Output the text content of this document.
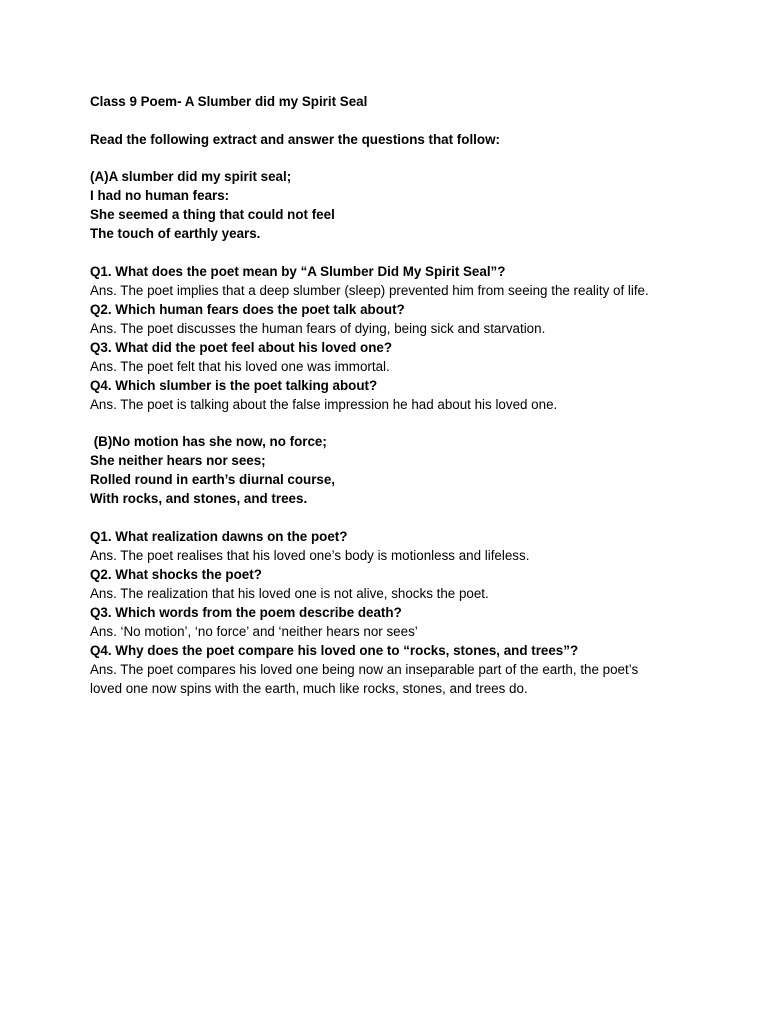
Class 9 Poem- A Slumber did my Spirit Seal
Read the following extract and answer the questions that follow:
(A)A slumber did my spirit seal;
I had no human fears:
She seemed a thing that could not feel
The touch of earthly years.
Q1. What does the poet mean by “A Slumber Did My Spirit Seal”?
Ans. The poet implies that a deep slumber (sleep) prevented him from seeing the reality of life.
Q2. Which human fears does the poet talk about?
Ans. The poet discusses the human fears of dying, being sick and starvation.
Q3. What did the poet feel about his loved one?
Ans. The poet felt that his loved one was immortal.
Q4. Which slumber is the poet talking about?
Ans. The poet is talking about the false impression he had about his loved one.
(B)No motion has she now, no force;
She neither hears nor sees;
Rolled round in earth’s diurnal course,
With rocks, and stones, and trees.
Q1. What realization dawns on the poet?
Ans. The poet realises that his loved one’s body is motionless and lifeless.
Q2. What shocks the poet?
Ans. The realization that his loved one is not alive, shocks the poet.
Q3. Which words from the poem describe death?
Ans. ‘No motion’, ‘no force’ and ‘neither hears nor sees’
Q4. Why does the poet compare his loved one to “rocks, stones, and trees”?
Ans. The poet compares his loved one being now an inseparable part of the earth, the poet’s
loved one now spins with the earth, much like rocks, stones, and trees do.
